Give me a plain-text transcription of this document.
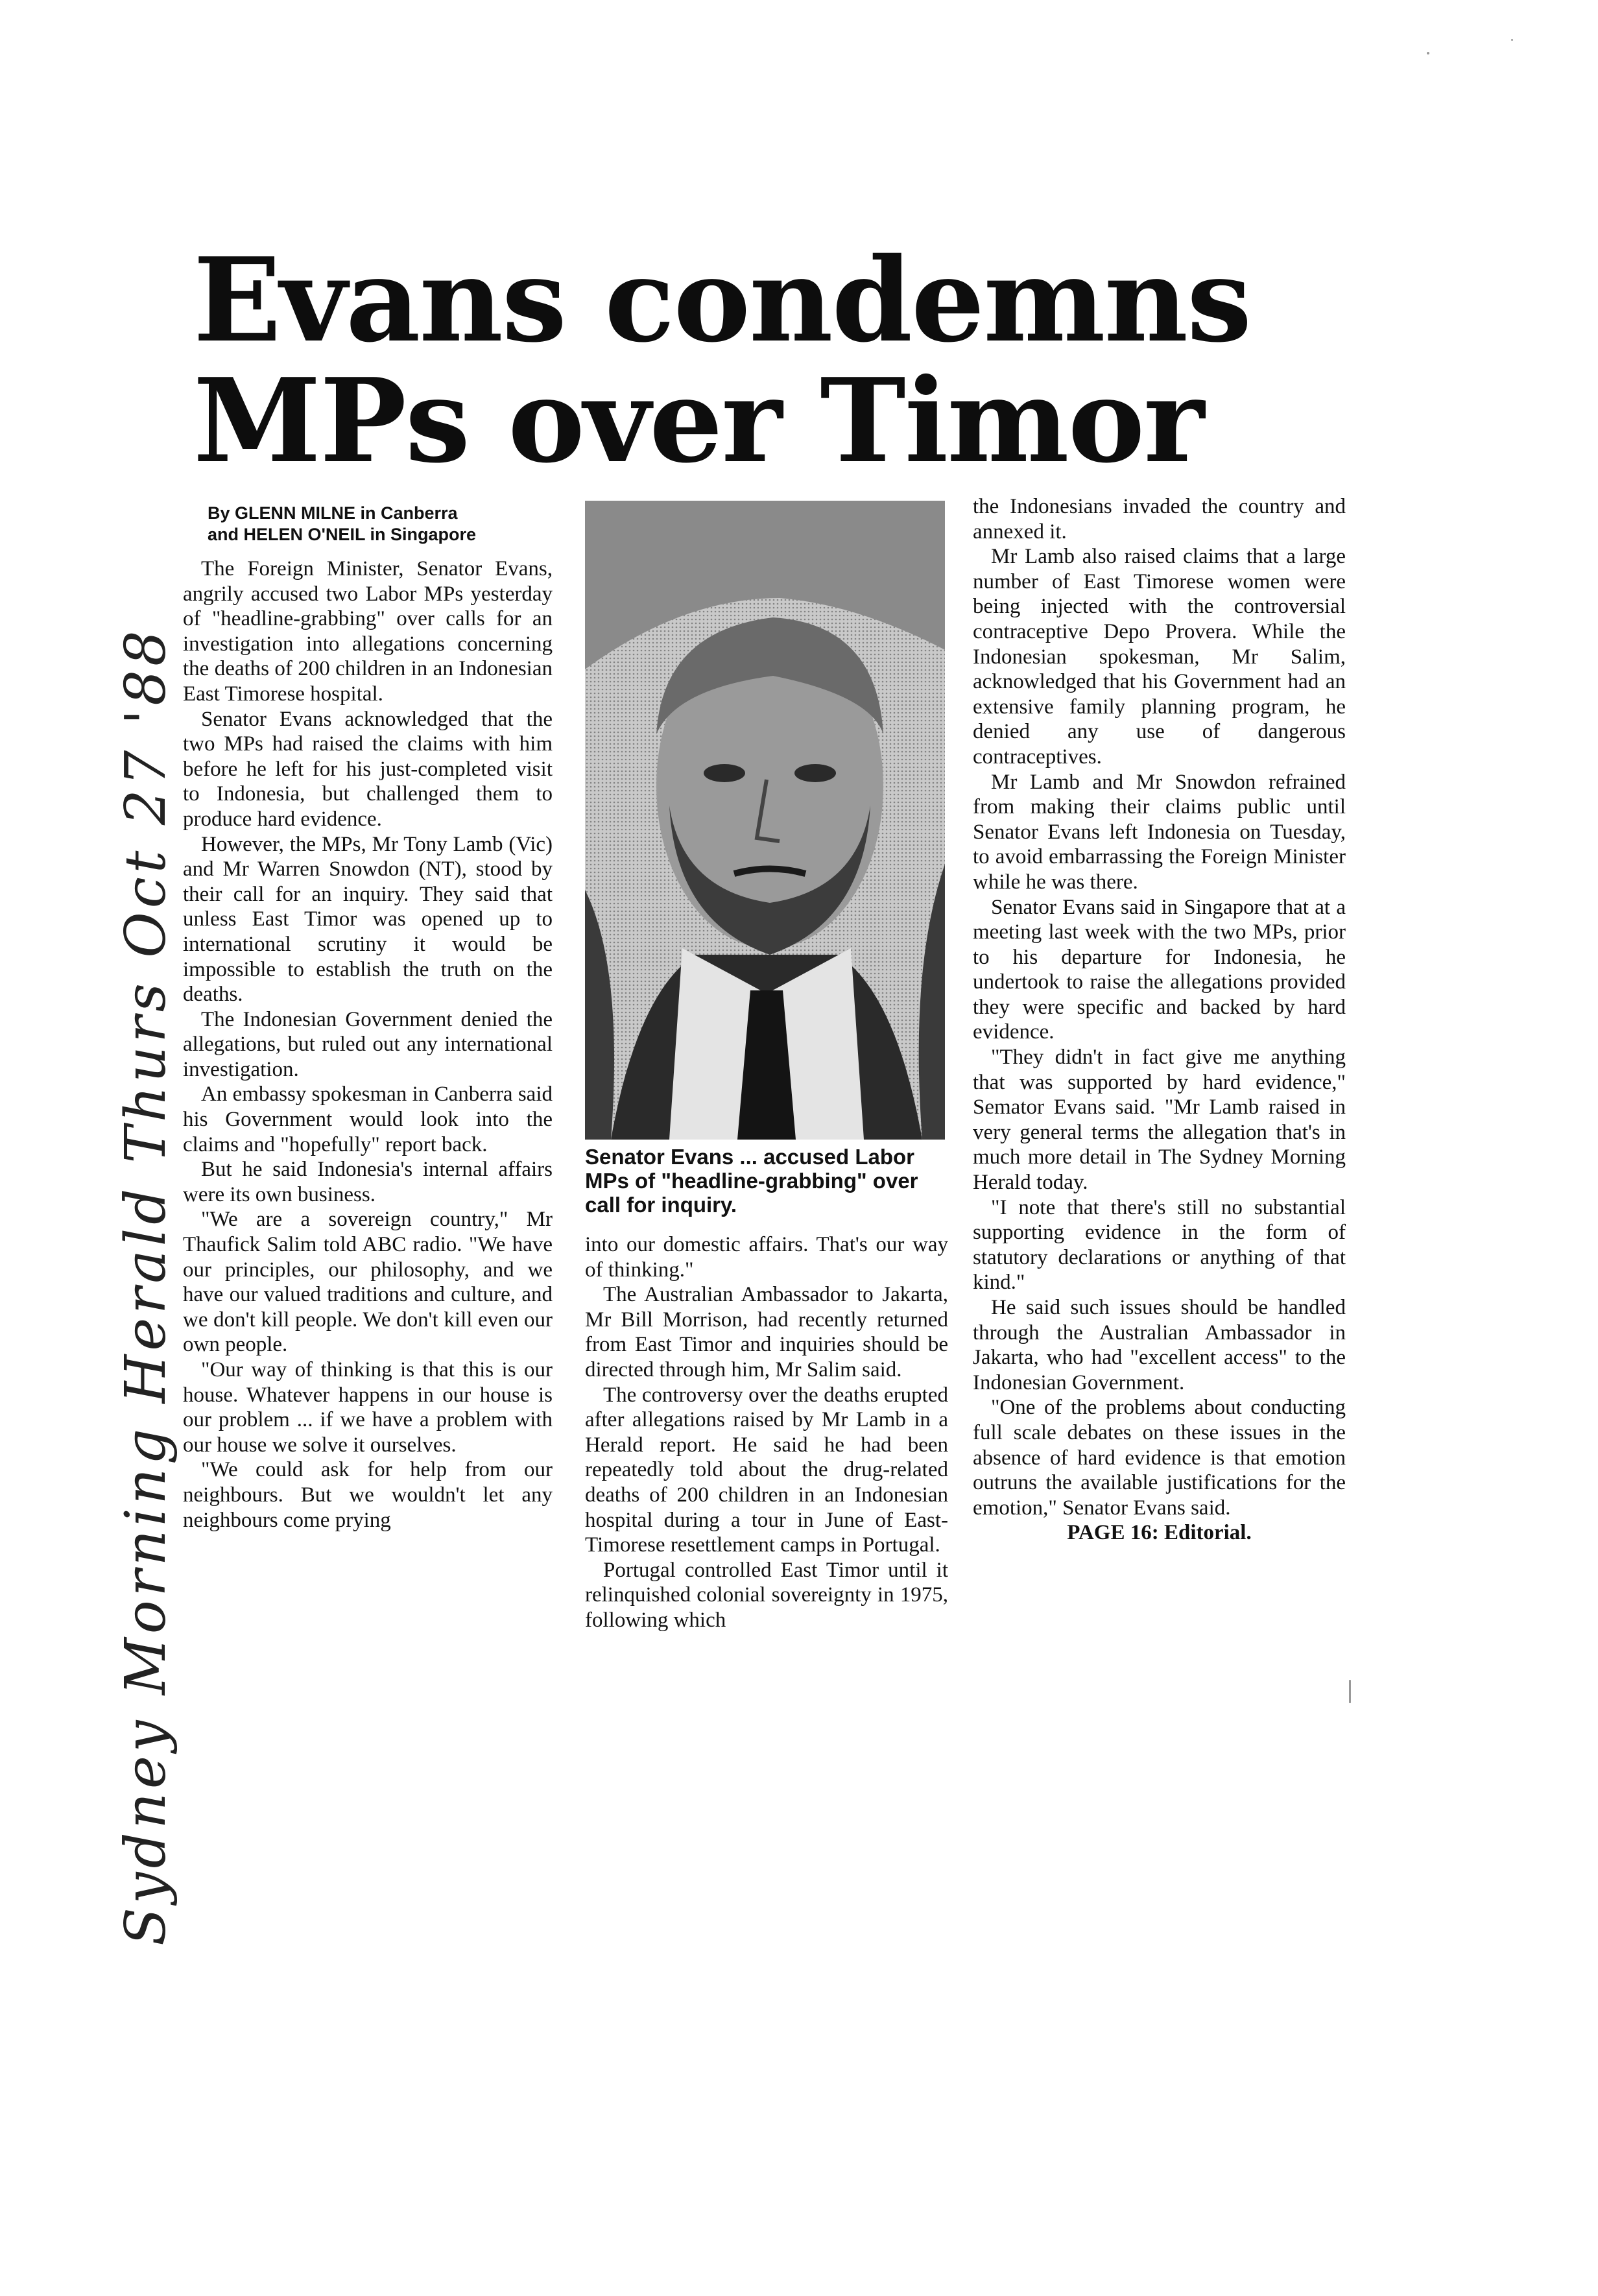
Evans condemns
MPs over Timor
By GLENN MILNE in Canberra
and HELEN O'NEIL in Singapore
Sydney Morning Herald Thurs Oct 27 '88

The Foreign Minister, Senator Evans, angrily accused two Labor MPs yesterday of "headline-grabbing" over calls for an investigation into allegations concerning the deaths of 200 children in an Indonesian East Timorese hospital.

Senator Evans acknowledged that the two MPs had raised the claims with him before he left for his just-completed visit to Indonesia, but challenged them to produce hard evidence.

However, the MPs, Mr Tony Lamb (Vic) and Mr Warren Snowdon (NT), stood by their call for an inquiry. They said that unless East Timor was opened up to international scrutiny it would be impossible to establish the truth on the deaths.

The Indonesian Government denied the allegations, but ruled out any international investigation.

An embassy spokesman in Canberra said his Government would look into the claims and "hopefully" report back.

But he said Indonesia's internal affairs were its own business.

"We are a sovereign country," Mr Thaufick Salim told ABC radio. "We have our principles, our philosophy, and we have our valued traditions and culture, and we don't kill people. We don't kill even our own people.

"Our way of thinking is that this is our house. Whatever happens in our house is our problem ... if we have a problem with our house we solve it ourselves.

"We could ask for help from our neighbours. But we wouldn't let any neighbours come prying

Senator Evans ... accused Labor MPs of "headline-grabbing" over call for inquiry.

into our domestic affairs. That's our way of thinking."

The Australian Ambassador to Jakarta, Mr Bill Morrison, had recently returned from East Timor and inquiries should be directed through him, Mr Salim said.

The controversy over the deaths erupted after allegations raised by Mr Lamb in a Herald report. He said he had been repeatedly told about the drug-related deaths of 200 children in an Indonesian hospital during a tour in June of East-Timorese resettlement camps in Portugal.

Portugal controlled East Timor until it relinquished colonial sovereignty in 1975, following which

the Indonesians invaded the country and annexed it.

Mr Lamb also raised claims that a large number of East Timorese women were being injected with the controversial contraceptive Depo Provera. While the Indonesian spokesman, Mr Salim, acknowledged that his Government had an extensive family planning program, he denied any use of dangerous contraceptives.

Mr Lamb and Mr Snowdon refrained from making their claims public until Senator Evans left Indonesia on Tuesday, to avoid embarrassing the Foreign Minister while he was there.

Senator Evans said in Singapore that at a meeting last week with the two MPs, prior to his departure for Indonesia, he undertook to raise the allegations provided they were specific and backed by hard evidence.

"They didn't in fact give me anything that was supported by hard evidence," Semator Evans said. "Mr Lamb raised in very general terms the allegation that's in much more detail in The Sydney Morning Herald today.

"I note that there's still no substantial supporting evidence in the form of statutory declarations or anything of that kind."

He said such issues should be handled through the Australian Ambassador in Jakarta, who had "excellent access" to the Indonesian Government.

"One of the problems about conducting full scale debates on these issues in the absence of hard evidence is that emotion outruns the available justifications for the emotion," Senator Evans said.

PAGE 16: Editorial.
